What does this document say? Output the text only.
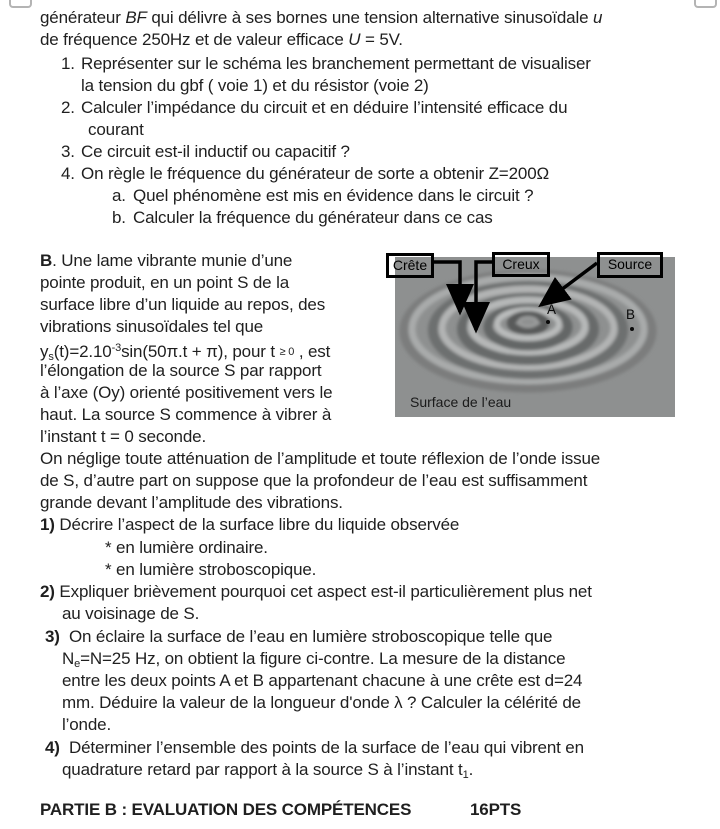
générateur BF qui délivre à ses bornes une tension alternative sinusoïdale u
de fréquence 250Hz et de valeur efficace U = 5V.
1. Représenter sur le schéma les branchement permettant de visualiser
la tension du gbf ( voie 1) et du résistor (voie 2)
2. Calculer l’impédance du circuit et en déduire l’intensité efficace du
courant
3. Ce circuit est-il inductif ou capacitif ?
4. On règle le fréquence du générateur de sorte a obtenir Z=200Ω
a. Quel phénomène est mis en évidence dans le circuit ?
b. Calculer la fréquence du générateur dans ce cas
B. Une lame vibrante munie d’une
pointe produit, en un point S de la
surface libre d’un liquide au repos, des
vibrations sinusoïdales tel que
$y_s(t)=2.10^{-3}\sin(50\pi.t + \pi)$, pour t ≥ 0 , est
l’élongation de la source S par rapport
à l’axe (Oy) orienté positivement vers le
haut. La source S commence à vibrer à
l’instant t = 0 seconde.
On néglige toute atténuation de l’amplitude et toute réflexion de l’onde issue
de S, d’autre part on suppose que la profondeur de l’eau est suffisamment
grande devant l’amplitude des vibrations.
1) Décrire l’aspect de la surface libre du liquide observée
* en lumière ordinaire.
* en lumière stroboscopique.
2) Expliquer brièvement pourquoi cet aspect est-il particulièrement plus net
au voisinage de S.
3)  On éclaire la surface de l’eau en lumière stroboscopique telle que
$N_e=N=25$ Hz, on obtient la figure ci-contre. La mesure de la distance
entre les deux points A et B appartenant chacune à une crête est d=24
mm. Déduire la valeur de la longueur d'onde λ ? Calculer la célérité de
l’onde.
4)  Déterminer l’ensemble des points de la surface de l’eau qui vibrent en
quadrature retard par rapport à la source S à l’instant $t_1$.
PARTIE B : EVALUATION DES COMPÉTENCES	16PTS
Crête	Creux	Source
A	B
Surface de l’eau
